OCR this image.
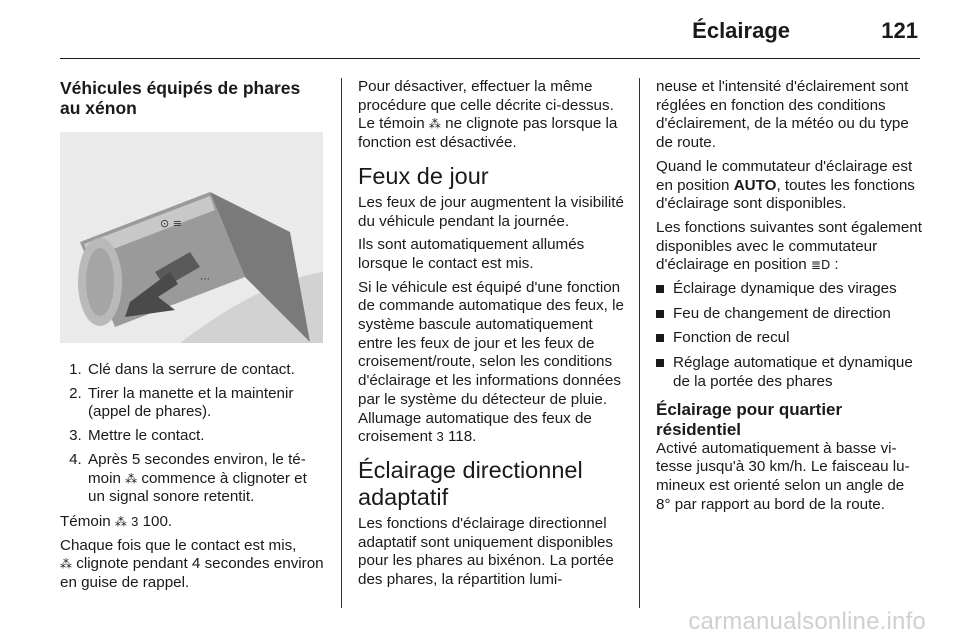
Éclairage	121
Véhicules équipés de phares au xénon
⊙ ≡
⋯
1. Clé dans la serrure de contact.
2. Tirer la manette et la maintenir (appel de phares).
3. Mettre le contact.
4. Après 5 secondes environ, le témoin ⁂ commence à clignoter et un signal sonore retentit.

Témoin ⁂ 3 100.

Chaque fois que le contact est mis,
⁂ clignote pendant 4 secondes environ en guise de rappel.

Pour désactiver, effectuer la même procédure que celle décrite ci-dessus. Le témoin ⁂ ne clignote pas lorsque la fonction est désactivée.

Feux de jour

Les feux de jour augmentent la visibilité du véhicule pendant la journée.

Ils sont automatiquement allumés lorsque le contact est mis.

Si le véhicule est équipé d'une fonction de commande automatique des feux, le système bascule automatiquement entre les feux de jour et les feux de croisement/route, selon les conditions d'éclairage et les informations données par le système du détecteur de pluie. Allumage automatique des feux de croisement 3 118.

Éclairage directionnel adaptatif

Les fonctions d'éclairage directionnel adaptatif sont uniquement disponibles pour les phares au bixénon. La portée des phares, la répartition lumi-

neuse et l'intensité d'éclairement sont réglées en fonction des conditions d'éclairement, de la météo ou du type de route.

Quand le commutateur d'éclairage est en position AUTO, toutes les fonctions d'éclairage sont disponibles.

Les fonctions suivantes sont également disponibles avec le commutateur d'éclairage en position ≣D :

Éclairage dynamique des virages
Feu de changement de direction
Fonction de recul
Réglage automatique et dynamique de la portée des phares
Éclairage pour quartier résidentiel

Activé automatiquement à basse vitesse jusqu'à 30 km/h. Le faisceau lumineux est orienté selon un angle de 8° par rapport au bord de la route.

carmanualsonline.info
